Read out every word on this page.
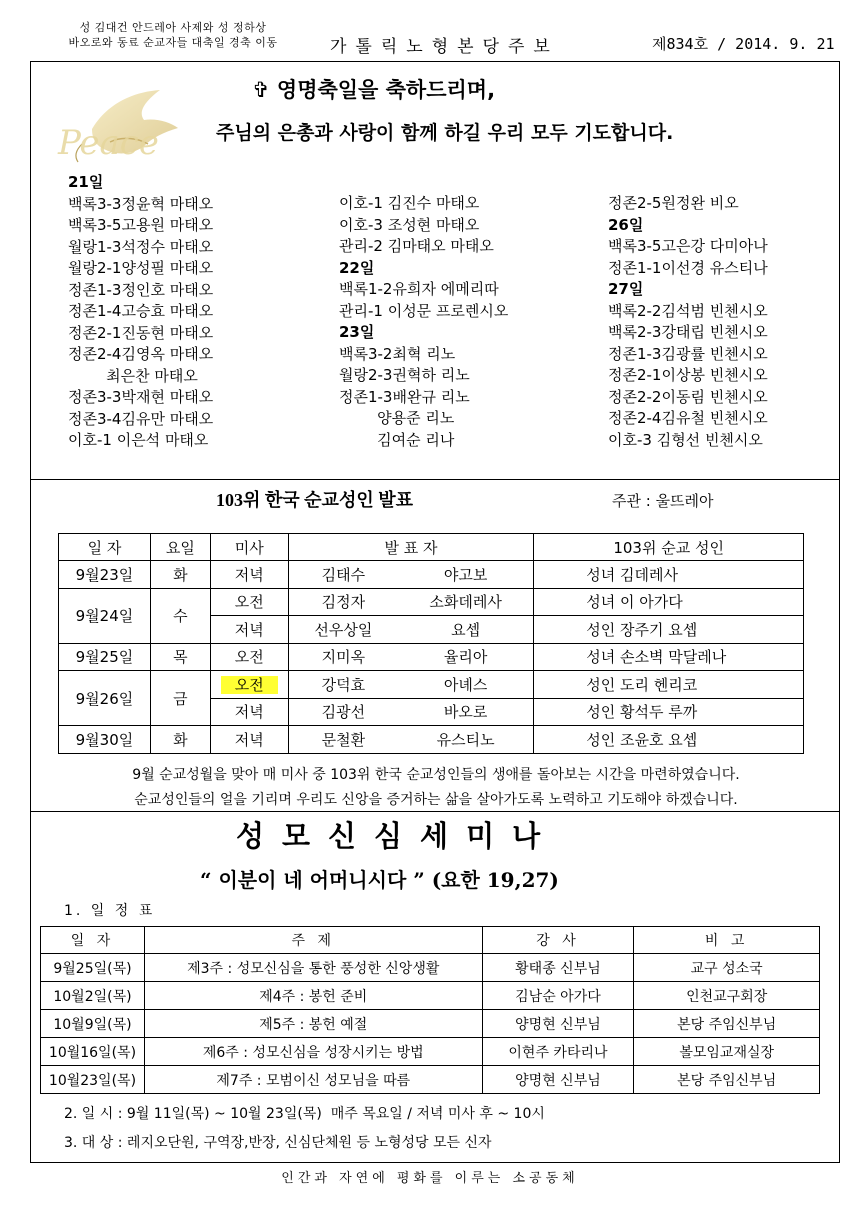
성 김대건 안드레아 사제와 성 정하상
바오로와 동료 순교자들 대축일 경축 이동	가톨릭노형본당주보	제834호 / 2014. 9. 21
Peace
✞ 영명축일을 축하드리며,
주님의 은총과 사랑이 함께 하길 우리 모두 기도합니다.
21일
백록3-3정윤혁 마태오
백록3-5고용원 마태오
월랑1-3석정수 마태오
월랑2-1양성필 마태오
정존1-3정인호 마태오
정존1-4고승효 마태오
정존2-1진동현 마태오
정존2-4김영옥 마태오
최은찬 마태오
정존3-3박재현 마태오
정존3-4김유만 마태오
이호-1 이은석 마태오
이호-1 김진수 마태오
이호-3 조성현 마태오
관리-2 김마태오 마태오
22일
백록1-2유희자 에메리따
관리-1 이성문 프로렌시오
23일
백록3-2최혁 리노
월랑2-3권혁하 리노
정존1-3배완규 리노
양용준 리노
김여순 리나
정존2-5원정완 비오
26일
백록3-5고은강 다미아나
정존1-1이선경 유스티나
27일
백록2-2김석범 빈첸시오
백록2-3강태립 빈첸시오
정존1-3김광률 빈첸시오
정존2-1이상봉 빈첸시오
정존2-2이동림 빈첸시오
정존2-4김유철 빈첸시오
이호-3 김형선 빈첸시오
103위 한국 순교성인 발표	주관 : 울뜨레아
일 자	요일	미사	발 표 자		103위 순교 성인
9월23일	화	저녁	김태수	야고보	성녀 김데레사
9월24일	수	오전	김정자	소화데레사	성녀 이 아가다
		저녁	선우상일	요셉	성인 장주기 요셉
9월25일	목	오전	지미옥	율리아	성녀 손소벽 막달레나
9월26일	금	오전	강덕효	아녜스	성인 도리 헨리코
		저녁	김광선	바오로	성인 황석두 루까
9월30일	화	저녁	문철환	유스티노	성인 조윤호 요셉
9월 순교성월을 맞아 매 미사 중 103위 한국 순교성인들의 생애를 돌아보는 시간을 마련하였습니다.
순교성인들의 얼을 기리며 우리도 신앙을 증거하는 삶을 살아가도록 노력하고 기도해야 하겠습니다.
성모신심세미나
“ 이분이 네 어머니시다 ” (요한 19,27)
1. 일 정 표
일 자	주 제	강 사	비 고
9월25일(목)	제3주 : 성모신심을 통한 풍성한 신앙생활	황태종 신부님	교구 성소국
10월2일(목)	제4주 : 봉헌 준비	김남순 아가다	인천교구회장
10월9일(목)	제5주 : 봉헌 예절	양명현 신부님	본당 주임신부님
10월16일(목)	제6주 : 성모신심을 성장시키는 방법	이현주 카타리나	볼모임교재실장
10월23일(목)	제7주 : 모범이신 성모님을 따름	양명현 신부님	본당 주임신부님
2. 일 시 : 9월 11일(목) ~ 10월 23일(목)  매주 목요일 / 저녁 미사 후 ~ 10시
3. 대 상 : 레지오단원, 구역장,반장, 신심단체원 등 노형성당 모든 신자
인간과 자연에 평화를 이루는 소공동체
